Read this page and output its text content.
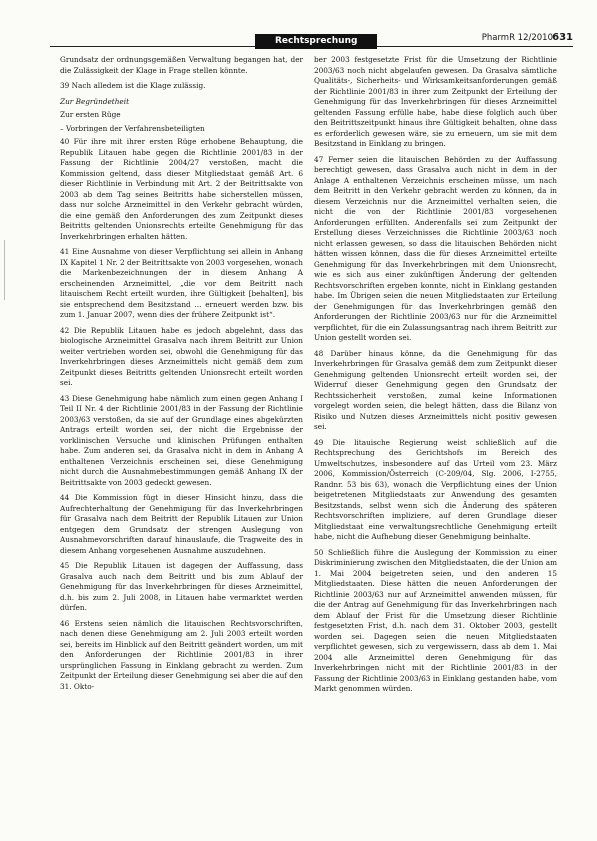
Rechtsprechung	PharmR 12/2010 631

Grundsatz der ordnungsgemäßen Verwaltung begangen hat, der die Zulässigkeit der Klage in Frage stellen könnte.

39 Nach alledem ist die Klage zulässig.

Zur Begründetheit

Zur ersten Rüge

– Vorbringen der Verfahrensbeteiligten

40 Für ihre mit ihrer ersten Rüge erhobene Behauptung, die Republik Litauen habe gegen die Richtlinie 2001/83 in der Fassung der Richtlinie 2004/27 verstoßen, macht die Kommission geltend, dass dieser Mitgliedstaat gemäß Art. 6 dieser Richtlinie in Verbindung mit Art. 2 der Beitrittsakte von 2003 ab dem Tag seines Beitritts habe sicherstellen müssen, dass nur solche Arzneimittel in den Verkehr gebracht würden, die eine gemäß den Anforderungen des zum Zeitpunkt dieses Beitritts geltenden Unionsrechts erteilte Genehmigung für das Inverkehrbringen erhalten hätten.

41 Eine Ausnahme von dieser Verpflichtung sei allein in Anhang IX Kapitel 1 Nr. 2 der Beitrittsakte von 2003 vorgesehen, wonach die Markenbezeichnungen der in diesem Anhang A erscheinenden Arzneimittel, „die vor dem Beitritt nach litauischem Recht erteilt wurden, ihre Gültigkeit [behalten], bis sie entsprechend dem Besitzstand … erneuert werden bzw. bis zum 1. Januar 2007, wenn dies der frühere Zeitpunkt ist“.

42 Die Republik Litauen habe es jedoch abgelehnt, dass das biologische Arzneimittel Grasalva nach ihrem Beitritt zur Union weiter vertrieben worden sei, obwohl die Genehmigung für das Inverkehrbringen dieses Arzneimittels nicht gemäß dem zum Zeitpunkt dieses Beitritts geltenden Unionsrecht erteilt worden sei.

43 Diese Genehmigung habe nämlich zum einen gegen Anhang I Teil II Nr. 4 der Richtlinie 2001/83 in der Fassung der Richtlinie 2003/63 verstoßen, da sie auf der Grundlage eines abgekürzten Antrags erteilt worden sei, der nicht die Ergebnisse der vorklinischen Versuche und klinischen Prüfungen enthalten habe. Zum anderen sei, da Grasalva nicht in dem in Anhang A enthaltenen Verzeichnis erscheinen sei, diese Genehmigung nicht durch die Ausnahmebestimmungen gemäß Anhang IX der Beitrittsakte von 2003 gedeckt gewesen.

44 Die Kommission fügt in dieser Hinsicht hinzu, dass die Aufrechterhaltung der Genehmigung für das Inverkehrbringen für Grasalva nach dem Beitritt der Republik Litauen zur Union entgegen dem Grundsatz der strengen Auslegung von Ausnahmevorschriften darauf hinauslaufe, die Tragweite des in diesem Anhang vorgesehenen Ausnahme auszudehnen.

45 Die Republik Litauen ist dagegen der Auffassung, dass Grasalva auch nach dem Beitritt und bis zum Ablauf der Genehmigung für das Inverkehrbringen für dieses Arzneimittel, d.h. bis zum 2. Juli 2008, in Litauen habe vermarktet werden dürfen.

46 Erstens seien nämlich die litauischen Rechtsvorschriften, nach denen diese Genehmigung am 2. Juli 2003 erteilt worden sei, bereits im Hinblick auf den Beitritt geändert worden, um mit den Anforderungen der Richtlinie 2001/83 in ihrer ursprünglichen Fassung in Einklang gebracht zu werden. Zum Zeitpunkt der Erteilung dieser Genehmigung sei aber die auf den 31. Okto-

ber 2003 festgesetzte Frist für die Umsetzung der Richtlinie 2003/63 noch nicht abgelaufen gewesen. Da Grasalva sämtliche Qualitäts-, Sicherheits- und Wirksamkeitsanforderungen gemäß der Richtlinie 2001/83 in ihrer zum Zeitpunkt der Erteilung der Genehmigung für das Inverkehrbringen für dieses Arzneimittel geltenden Fassung erfülle habe, habe diese folglich auch über den Beitrittszeitpunkt hinaus ihre Gültigkeit behalten, ohne dass es erforderlich gewesen wäre, sie zu erneuern, um sie mit dem Besitzstand in Einklang zu bringen.

47 Ferner seien die litauischen Behörden zu der Auffassung berechtigt gewesen, dass Grasalva auch nicht in dem in der Anlage A enthaltenen Verzeichnis erscheinen müsse, um nach dem Beitritt in den Verkehr gebracht werden zu können, da in diesem Verzeichnis nur die Arzneimittel verhalten seien, die nicht die von der Richtlinie 2001/83 vorgesehenen Anforderungen erfüllten. Anderenfalls sei zum Zeitpunkt der Erstellung dieses Verzeichnisses die Richtlinie 2003/63 noch nicht erlassen gewesen, so dass die litauischen Behörden nicht hätten wissen können, dass die für dieses Arzneimittel erteilte Genehmigung für das Inverkehrbringen mit dem Unionsrecht, wie es sich aus einer zukünftigen Änderung der geltenden Rechtsvorschriften ergeben konnte, nicht in Einklang gestanden habe. Im Übrigen seien die neuen Mitgliedstaaten zur Erteilung der Genehmigungen für das Inverkehrbringen gemäß den Anforderungen der Richtlinie 2003/63 nur für die Arzneimittel verpflichtet, für die ein Zulassungsantrag nach ihrem Beitritt zur Union gestellt worden sei.

48 Darüber hinaus könne, da die Genehmigung für das Inverkehrbringen für Grasalva gemäß dem zum Zeitpunkt dieser Genehmigung geltenden Unionsrecht erteilt worden sei, der Widerruf dieser Genehmigung gegen den Grundsatz der Rechtssicherheit verstoßen, zumal keine Informationen vorgelegt worden seien, die belegt hätten, dass die Bilanz von Risiko und Nutzen dieses Arzneimittels nicht positiv gewesen sei.

49 Die litauische Regierung weist schließlich auf die Rechtsprechung des Gerichtshofs im Bereich des Umweltschutzes, insbesondere auf das Urteil vom 23. März 2006, Kommission/Österreich (C-209/04, Slg. 2006, I-2755, Randnr. 53 bis 63), wonach die Verpflichtung eines der Union beigetretenen Mitgliedstaats zur Anwendung des gesamten Besitzstands, selbst wenn sich die Änderung des späteren Rechtsvorschriften impliziere, auf deren Grundlage dieser Mitgliedstaat eine verwaltungsrechtliche Genehmigung erteilt habe, nicht die Aufhebung dieser Genehmigung beinhalte.

50 Schließlich führe die Auslegung der Kommission zu einer Diskriminierung zwischen den Mitgliedstaaten, die der Union am 1. Mai 2004 beigetreten seien, und den anderen 15 Mitgliedstaaten. Diese hätten die neuen Anforderungen der Richtlinie 2003/63 nur auf Arzneimittel anwenden müssen, für die der Antrag auf Genehmigung für das Inverkehrbringen nach dem Ablauf der Frist für die Umsetzung dieser Richtlinie festgesetzten Frist, d.h. nach dem 31. Oktober 2003, gestellt worden sei. Dagegen seien die neuen Mitgliedstaaten verpflichtet gewesen, sich zu vergewissern, dass ab dem 1. Mai 2004 alle Arzneimittel deren Genehmigung für das Inverkehrbringen nicht mit der Richtlinie 2001/83 in der Fassung der Richtlinie 2003/63 in Einklang gestanden habe, vom Markt genommen würden.
